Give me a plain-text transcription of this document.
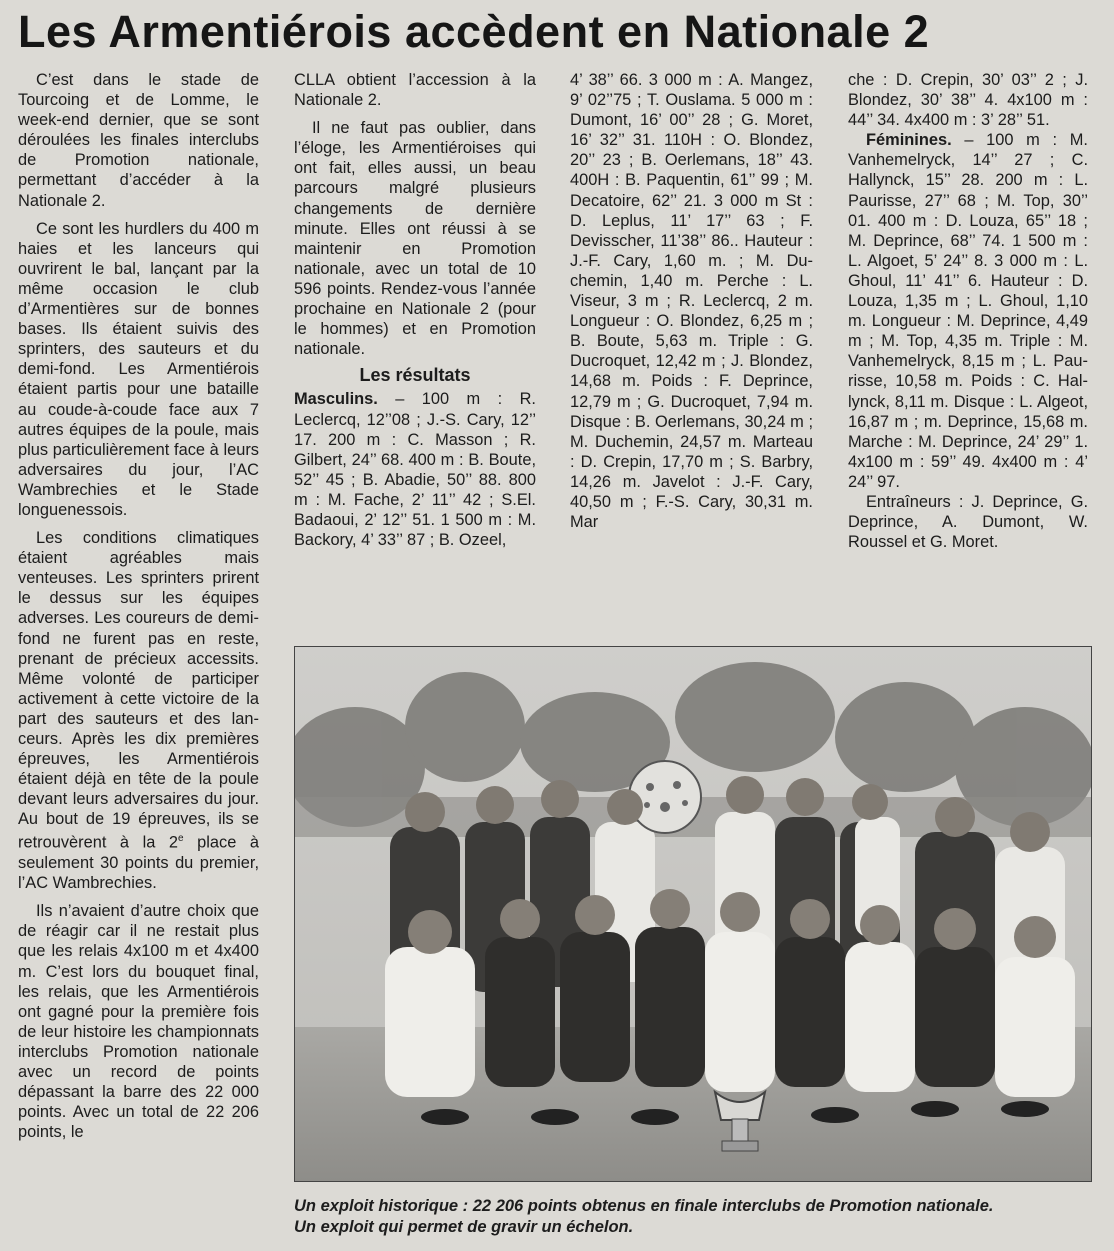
Les Armentiérois accèdent en Nationale 2

C’est dans le stade de Tourcoing et de Lomme, le week-end dernier, que se sont déroulées les finales interclubs de Promotion nationale, permettant d’accéder à la Nationale 2.

Ce sont les hurdlers du 400 m haies et les lanceurs qui ouvrirent le bal, lançant par la même occasion le club d’Armentières sur de bonnes bases. Ils étaient suivis des sprinters, des sauteurs et du demi-fond. Les Armentiérois étaient partis pour une bataille au coude-à-coude face aux 7 autres équipes de la poule, mais plus particulièrement face à leurs adversaires du jour, l’AC Wambrechies et le Stade longuenessois.

Les conditions climatiques étaient agréables mais venteuses. Les sprinters prirent le dessus sur les équipes adverses. Les coureurs de demi-fond ne furent pas en reste, prenant de précieux accessits. Même volonté de participer activement à cette victoire de la part des sauteurs et des lanceurs. Après les dix premières épreuves, les Armentiérois étaient déjà en tête de la poule devant leurs adversaires du jour. Au bout de 19 épreuves, ils se retrouvèrent à la 2e place à seulement 30 points du premier, l’AC Wambrechies.

Ils n’avaient d’autre choix que de réagir car il ne restait plus que les relais 4x100 m et 4x400 m. C’est lors du bouquet final, les relais, que les Armentiérois ont gagné pour la première fois de leur histoire les championnats interclubs Promotion nationale avec un record de points dépassant la barre des 22 000 points. Avec un total de 22 206 points, le

CLLA obtient l’accession à la Nationale 2.

Il ne faut pas oublier, dans l’éloge, les Armentiéroises qui ont fait, elles aussi, un beau parcours malgré plusieurs changements de dernière minute. Elles ont réussi à se maintenir en Promotion nationale, avec un total de 10 596 points. Rendez-vous l’année prochaine en Nationale 2 (pour le hommes) et en Promotion nationale.

Les résultats

Masculins. – 100 m : R. Leclercq, 12’’08 ; J.-S. Cary, 12’’ 17. 200 m : C. Masson ; R. Gilbert, 24’’ 68. 400 m : B. Boute, 52’’ 45 ; B. Abadie, 50’’ 88. 800 m : M. Fache, 2’ 11’’ 42 ; S.El. Badaoui, 2’ 12’’ 51. 1 500 m : M. Backory, 4’ 33’’ 87 ; B. Ozeel,

4’ 38’’ 66. 3 000 m : A. Mangez, 9’ 02’’75 ; T. Ouslama. 5 000 m : Dumont, 16’ 00’’ 28 ; G. Moret, 16’ 32’’ 31. 110H : O. Blondez, 20’’ 23 ; B. Oerlemans, 18’’ 43. 400H : B. Paquentin, 61’’ 99 ; M. Decatoire, 62’’ 21. 3 000 m St : D. Leplus, 11’ 17’’ 63 ; F. Devisscher, 11’38’’ 86.. Hauteur : J.-F. Cary, 1,60 m. ; M. Duchemin, 1,40 m. Perche : L. Viseur, 3 m ; R. Leclercq, 2 m. Longueur : O. Blondez, 6,25 m ; B. Boute, 5,63 m. Triple : G. Ducroquet, 12,42 m ; J. Blondez, 14,68 m. Poids : F. Deprince, 12,79 m ; G. Ducroquet, 7,94 m. Disque : B. Oerlemans, 30,24 m ; M. Duchemin, 24,57 m. Marteau : D. Crepin, 17,70 m ; S. Barbry, 14,26 m. Javelot : J.-F. Cary, 40,50 m ; F.-S. Cary, 30,31 m. Mar

che : D. Crepin, 30’ 03’’ 2 ; J. Blondez, 30’ 38’’ 4. 4x100 m : 44’’ 34. 4x400 m : 3’ 28’’ 51.

Féminines. – 100 m : M. Vanhemelryck, 14’’ 27 ; C. Hallynck, 15’’ 28. 200 m : L. Paurisse, 27’’ 68 ; M. Top, 30’’ 01. 400 m : D. Louza, 65’’ 18 ; M. Deprince, 68’’ 74. 1 500 m : L. Algoet, 5’ 24’’ 8. 3 000 m : L. Ghoul, 11’ 41’’ 6. Hauteur : D. Louza, 1,35 m ; L. Ghoul, 1,10 m. Longueur : M. Deprince, 4,49 m ; M. Top, 4,35 m. Triple : M. Vanhemelryck, 8,15 m ; L. Paurisse, 10,58 m. Poids : C. Hallynck, 8,11 m. Disque : L. Algeot, 16,87 m ; m. Deprince, 15,68 m. Marche : M. Deprince, 24’ 29’’ 1. 4x100 m : 59’’ 49. 4x400 m : 4’ 24’’ 97.

Entraîneurs : J. Deprince, G. Deprince, A. Dumont, W. Roussel et G. Moret.

Un exploit historique : 22 206 points obtenus en finale interclubs de Promotion nationale.
Un exploit qui permet de gravir un échelon.
